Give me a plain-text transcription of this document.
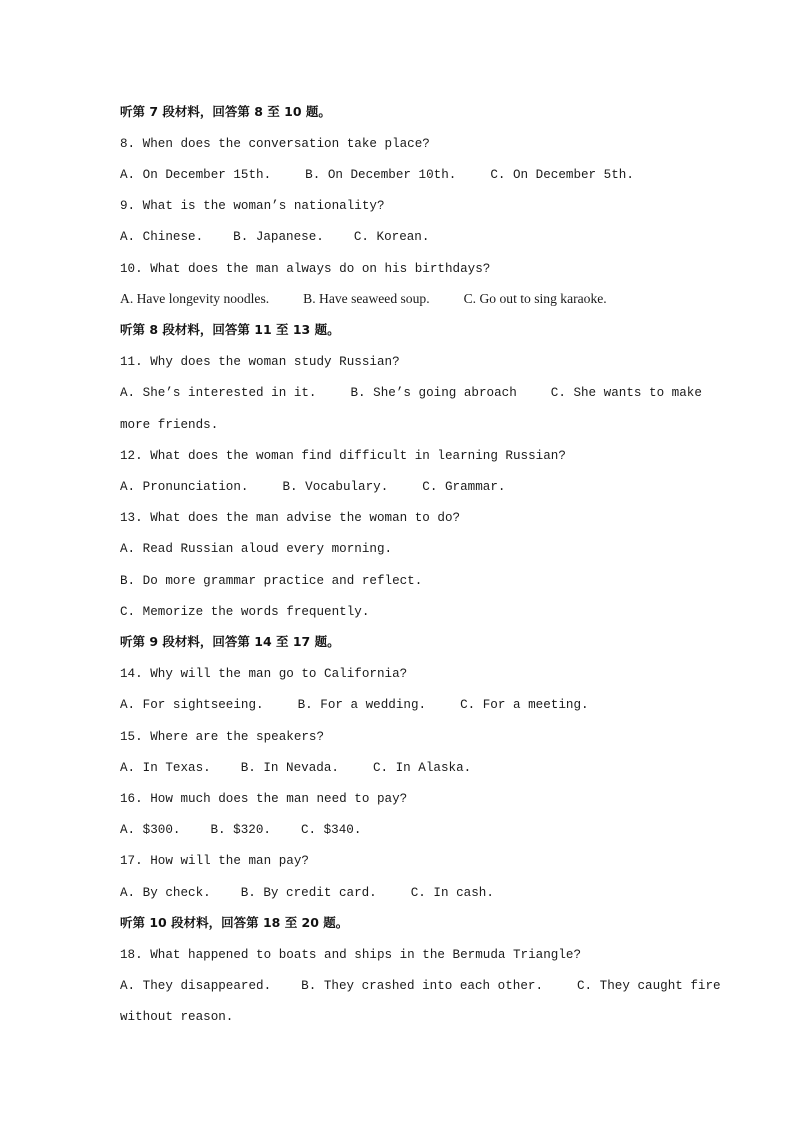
听第 7 段材料，回答第 8 至 10 题。
8. When does the conversation take place?
A. On December 15th.	B. On December 10th.	C. On December 5th.
9. What is the woman’s nationality?
A. Chinese. B. Japanese. C. Korean.
10. What does the man always do on his birthdays?
A. Have longevity noodles.	B. Have seaweed soup.	C. Go out to sing karaoke.
听第 8 段材料，回答第 11 至 13 题。
11. Why does the woman study Russian?
A. She’s interested in it.	B. She’s going abroach	C. She wants to make
more friends.
12. What does the woman find difficult in learning Russian?
A. Pronunciation.	B. Vocabulary.	C. Grammar.
13. What does the man advise the woman to do?
A. Read Russian aloud every morning.
B. Do more grammar practice and reflect.
C. Memorize the words frequently.
听第 9 段材料，回答第 14 至 17 题。
14. Why will the man go to California?
A. For sightseeing.	B. For a wedding.	C. For a meeting.
15. Where are the speakers?
A. In Texas. B. In Nevada.	C. In Alaska.
16. How much does the man need to pay?
A. $300. B. $320. C. $340.
17. How will the man pay?
A. By check. B. By credit card.	C. In cash.
听第 10 段材料，回答第 18 至 20 题。
18. What happened to boats and ships in the Bermuda Triangle?
A. They disappeared. B. They crashed into each other.	C. They caught fire
without reason.
